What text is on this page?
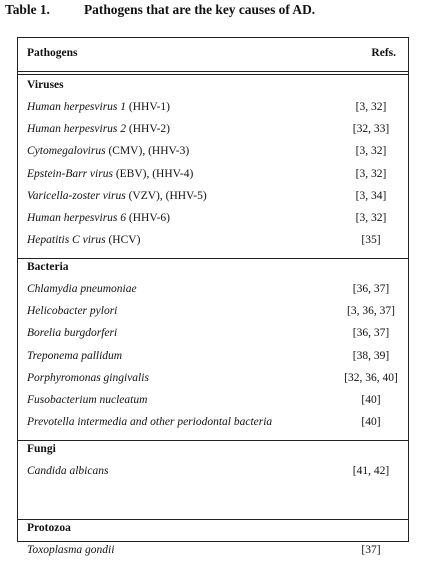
Table 1.	Pathogens that are the key causes of AD.
Pathogens	Refs.
Viruses
Human herpesvirus 1 (HHV-1)	[3, 32]
Human herpesvirus 2 (HHV-2)	[32, 33]
Cytomegalovirus (CMV), (HHV-3)	[3, 32]
Epstein-Barr virus (EBV), (HHV-4)	[3, 32]
Varicella-zoster virus (VZV), (HHV-5)	[3, 34]
Human herpesvirus 6 (HHV-6)	[3, 32]
Hepatitis C virus (HCV)	[35]
Bacteria
Chlamydia pneumoniae	[36, 37]
Helicobacter pylori	[3, 36, 37]
Borelia burgdorferi	[36, 37]
Treponema pallidum	[38, 39]
Porphyromonas gingivalis	[32, 36, 40]
Fusobacterium nucleatum	[40]
Prevotella intermedia and other periodontal bacteria	[40]
Fungi
Candida albicans	[41, 42]
Protozoa
Toxoplasma gondii	[37]
